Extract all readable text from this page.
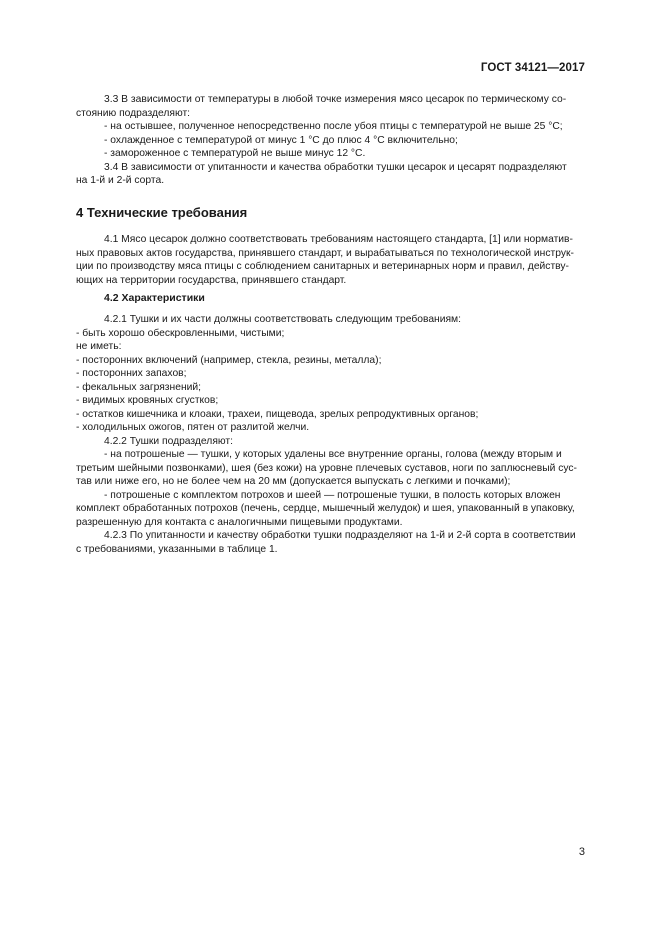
ГОСТ 34121—2017
3.3 В зависимости от температуры в любой точке измерения мясо цесарок по термическому со-
стоянию подразделяют:
- на остывшее, полученное непосредственно после убоя птицы с температурой не выше 25 °С;
- охлажденное с температурой от минус 1 °С до плюс 4 °С включительно;
- замороженное с температурой не выше минус 12 °С.
3.4 В зависимости от упитанности и качества обработки тушки цесарок и цесарят подразделяют
на 1-й и 2-й сорта.
4 Технические требования
4.1 Мясо цесарок должно соответствовать требованиям настоящего стандарта, [1] или норматив-
ных правовых актов государства, принявшего стандарт, и вырабатываться по технологической инструк-
ции по производству мяса птицы с соблюдением санитарных и ветеринарных норм и правил, действу-
ющих на территории государства, принявшего стандарт.
4.2 Характеристики
4.2.1 Тушки и их части должны соответствовать следующим требованиям:
- быть хорошо обескровленными, чистыми;
не иметь:
- посторонних включений (например, стекла, резины, металла);
- посторонних запахов;
- фекальных загрязнений;
- видимых кровяных сгустков;
- остатков кишечника и клоаки, трахеи, пищевода, зрелых репродуктивных органов;
- холодильных ожогов, пятен от разлитой желчи.
4.2.2 Тушки подразделяют:
- на потрошеные — тушки, у которых удалены все внутренние органы, голова (между вторым и
третьим шейными позвонками), шея (без кожи) на уровне плечевых суставов, ноги по заплюсневый сус-
тав или ниже его, но не более чем на 20 мм (допускается выпускать с легкими и почками);
- потрошеные с комплектом потрохов и шеей — потрошеные тушки, в полость которых вложен
комплект обработанных потрохов (печень, сердце, мышечный желудок) и шея, упакованный в упаковку,
разрешенную для контакта с аналогичными пищевыми продуктами.
4.2.3 По упитанности и качеству обработки тушки подразделяют на 1-й и 2-й сорта в соответствии
с требованиями, указанными в таблице 1.
3
